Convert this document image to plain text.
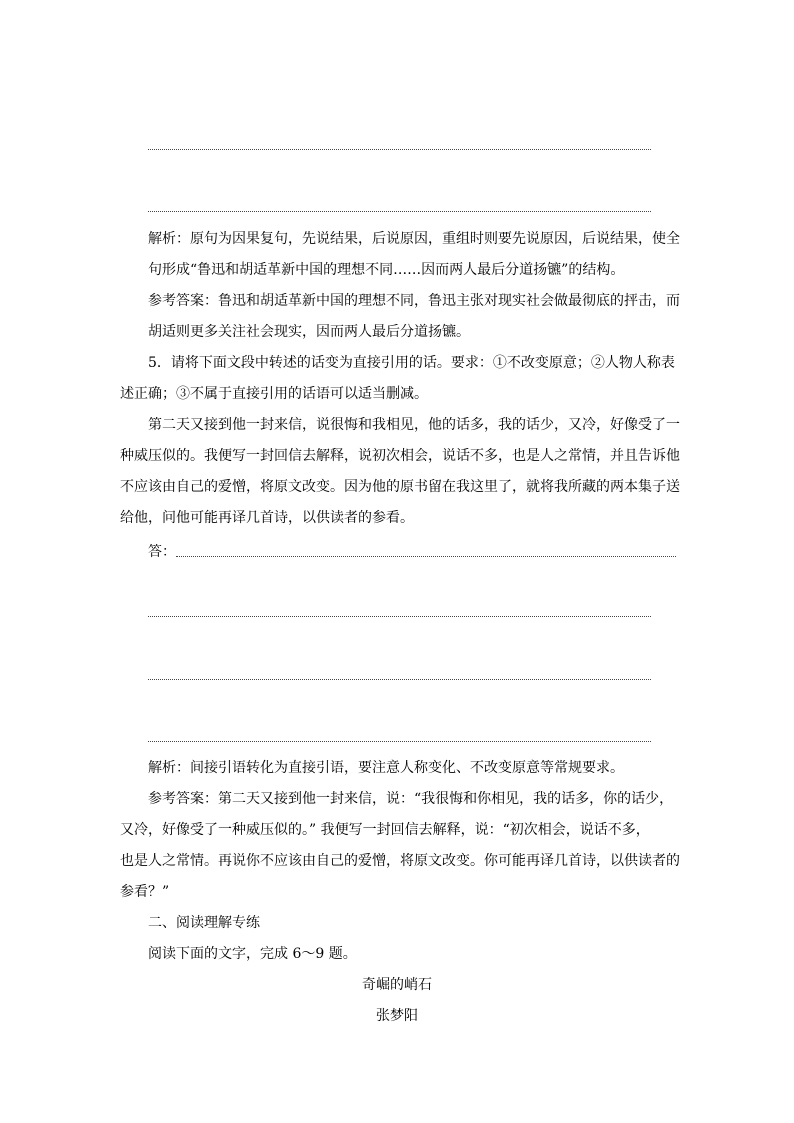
解析：原句为因果复句，先说结果，后说原因，重组时则要先说原因，后说结果，使全
句形成“鲁迅和胡适革新中国的理想不同……因而两人最后分道扬镳”的结构。
参考答案：鲁迅和胡适革新中国的理想不同，鲁迅主张对现实社会做最彻底的抨击，而
胡适则更多关注社会现实，因而两人最后分道扬镳。
5．请将下面文段中转述的话变为直接引用的话。要求：①不改变原意；②人物人称表
述正确；③不属于直接引用的话语可以适当删减。
第二天又接到他一封来信，说很悔和我相见，他的话多，我的话少，又冷，好像受了一
种威压似的。我便写一封回信去解释，说初次相会，说话不多，也是人之常情，并且告诉他
不应该由自己的爱憎，将原文改变。因为他的原书留在我这里了，就将我所藏的两本集子送
给他，问他可能再译几首诗，以供读者的参看。
答：
解析：间接引语转化为直接引语，要注意人称变化、不改变原意等常规要求。
参考答案：第二天又接到他一封来信，说：“我很悔和你相见，我的话多，你的话少，
又冷，好像受了一种威压似的。” 我便写一封回信去解释，说：“初次相会，说话不多，
也是人之常情。再说你不应该由自己的爱憎，将原文改变。你可能再译几首诗，以供读者的
参看？”
二、阅读理解专练
阅读下面的文字，完成 6～9 题。
奇崛的峭石
张梦阳
